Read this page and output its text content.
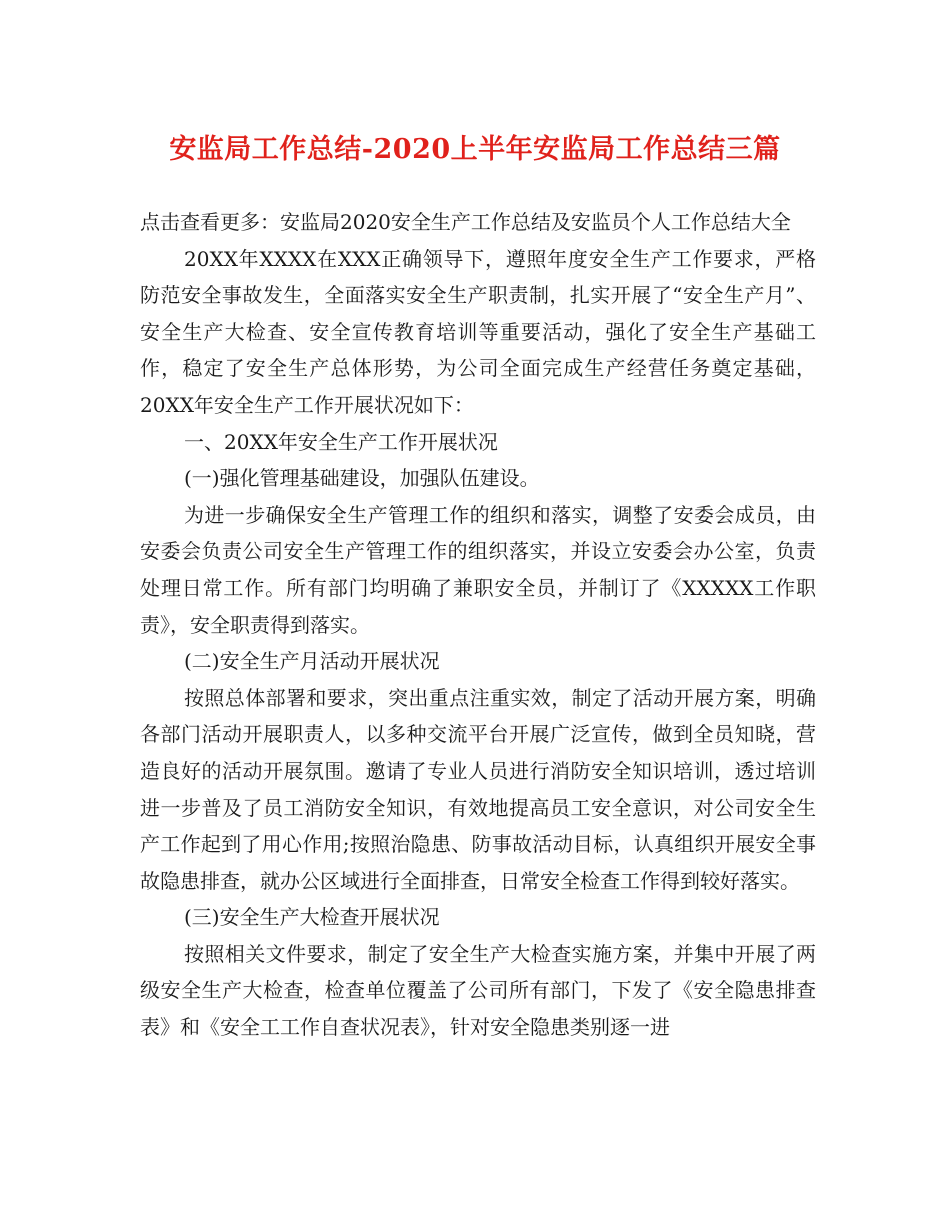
安监局工作总结-2020上半年安监局工作总结三篇

点击查看更多：安监局2020安全生产工作总结及安监员个人工作总结大全

20XX年XXXX在XXX正确领导下，遵照年度安全生产工作要求，严格防范安全事故发生，全面落实安全生产职责制，扎实开展了“安全生产月”、安全生产大检查、安全宣传教育培训等重要活动，强化了安全生产基础工作，稳定了安全生产总体形势，为公司全面完成生产经营任务奠定基础，20XX年安全生产工作开展状况如下：

一、20XX年安全生产工作开展状况

(一)强化管理基础建设，加强队伍建设。

为进一步确保安全生产管理工作的组织和落实，调整了安委会成员，由安委会负责公司安全生产管理工作的组织落实，并设立安委会办公室，负责处理日常工作。所有部门均明确了兼职安全员，并制订了《XXXXX工作职责》，安全职责得到落实。

(二)安全生产月活动开展状况

按照总体部署和要求，突出重点注重实效，制定了活动开展方案，明确各部门活动开展职责人，以多种交流平台开展广泛宣传，做到全员知晓，营造良好的活动开展氛围。邀请了专业人员进行消防安全知识培训，透过培训进一步普及了员工消防安全知识，有效地提高员工安全意识，对公司安全生产工作起到了用心作用;按照治隐患、防事故活动目标，认真组织开展安全事故隐患排查，就办公区域进行全面排查，日常安全检查工作得到较好落实。

(三)安全生产大检查开展状况

按照相关文件要求，制定了安全生产大检查实施方案，并集中开展了两级安全生产大检查，检查单位覆盖了公司所有部门，下发了《安全隐患排查表》和《安全工工作自查状况表》，针对安全隐患类别逐一进
